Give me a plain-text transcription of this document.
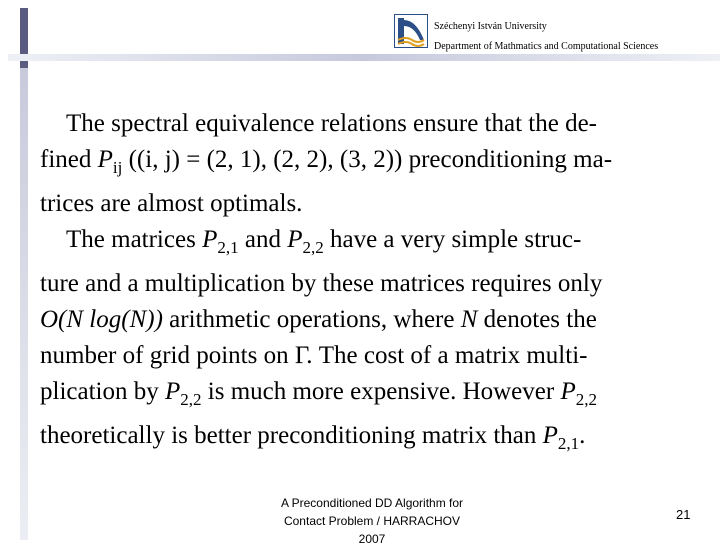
Széchenyi István University
Department of Mathmatics and Computational Sciences

The spectral equivalence relations ensure that the de-
fined $P_{ij}$ ((i, j) = (2, 1), (2, 2), (3, 2)) preconditioning ma-
trices are almost optimals.

The matrices $P_{2,1}$ and $P_{2,2}$ have a very simple struc-

ture and a multiplication by these matrices requires only
O(N log(N)) arithmetic operations, where N denotes the
number of grid points on Γ. The cost of a matrix multi-
plication by $P_{2,2}$ is much more expensive. However $P_{2,2}$
theoretically is better preconditioning matrix than $P_{2,1}$.

A Preconditioned DD Algorithm for
Contact Problem / HARRACHOV
2007
21
